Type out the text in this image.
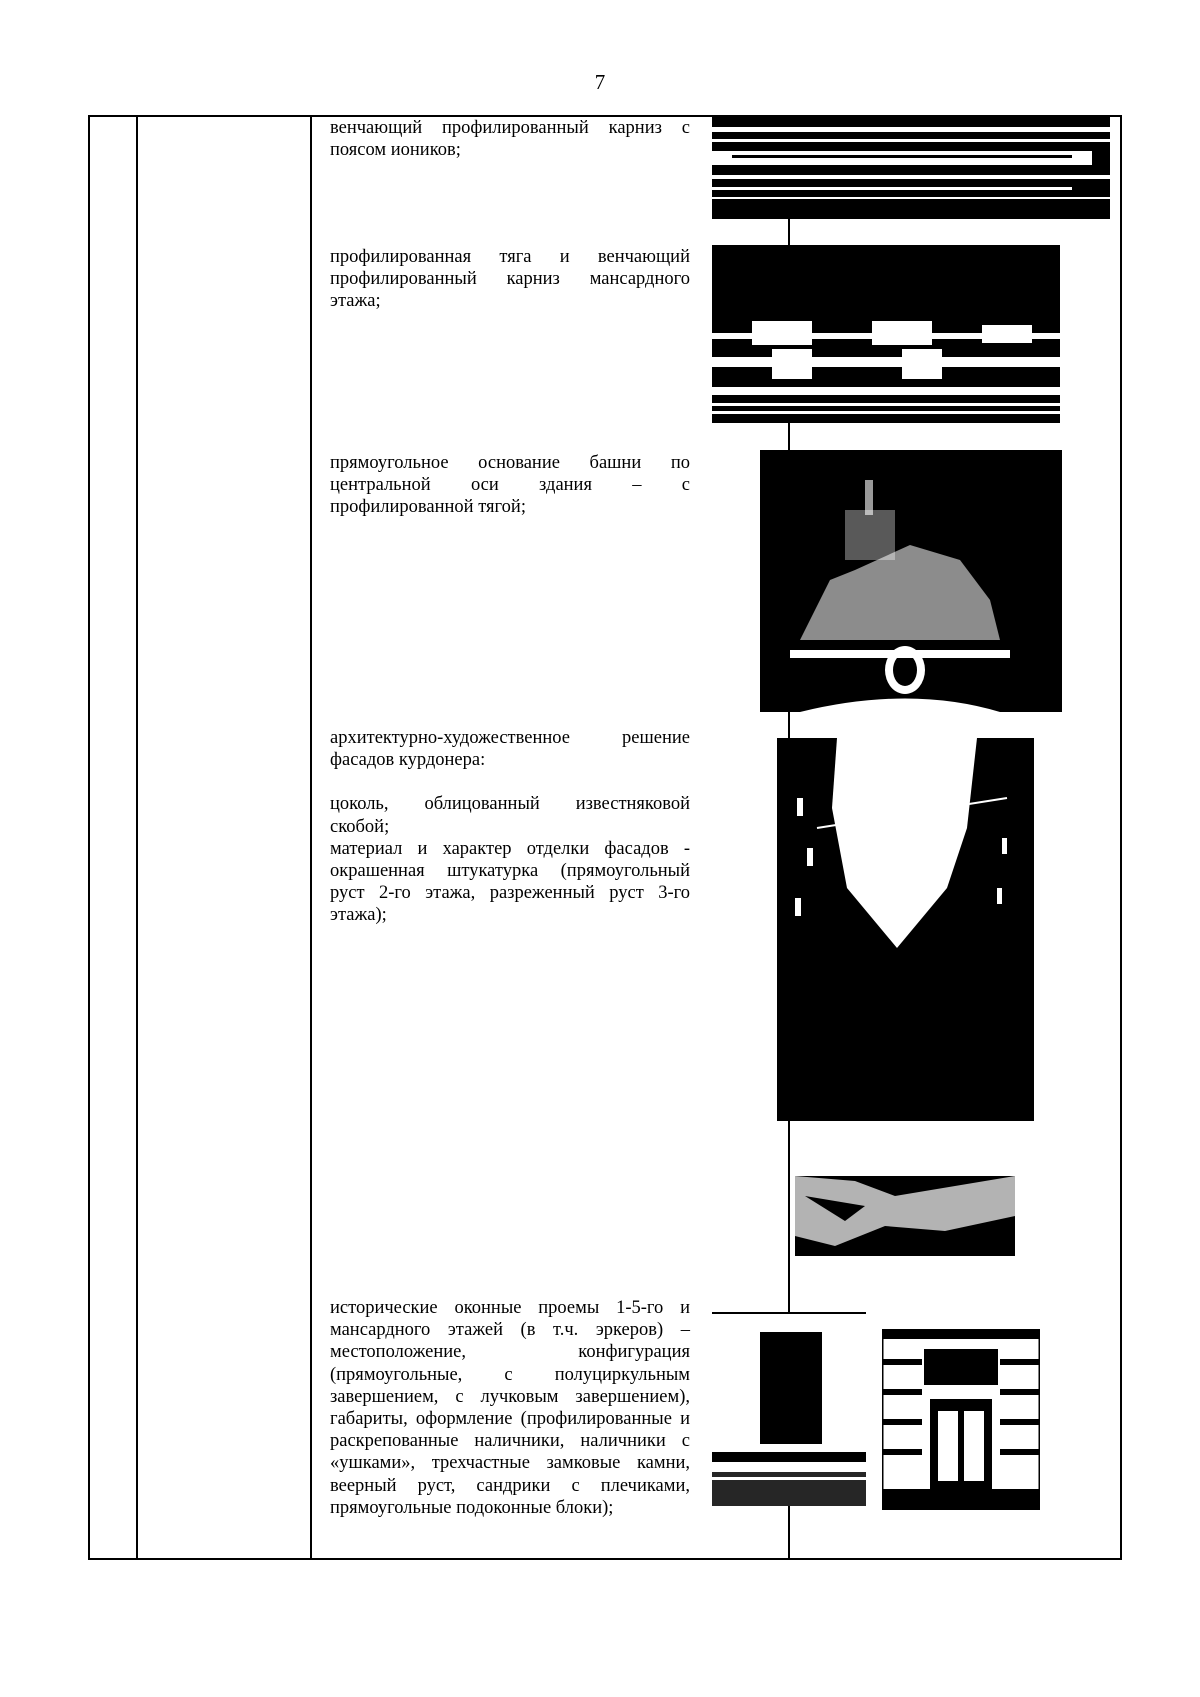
7

венчающий профилированный карниз с поясом иоников;

профилированная тяга и венчающий профилированный карниз мансардного этажа;

прямоугольное основание башни по центральной оси здания – с профилированной тягой;

архитектурно-художественное решение фасадов курдонера:

цоколь, облицованный известняковой скобой;

материал и характер отделки фасадов - окрашенная штукатурка (прямоугольный руст 2-го этажа, разреженный руст 3-го этажа);

исторические оконные проемы 1-5-го и мансардного этажей (в т.ч. эркеров) – местоположение, конфигурация (прямоугольные, с полуциркульным завершением, с лучковым завершением), габариты, оформление (профилированные и раскрепованные наличники, наличники с «ушками», трехчастные замковые камни, веерный руст, сандрики с плечиками, прямоугольные подоконные блоки);
